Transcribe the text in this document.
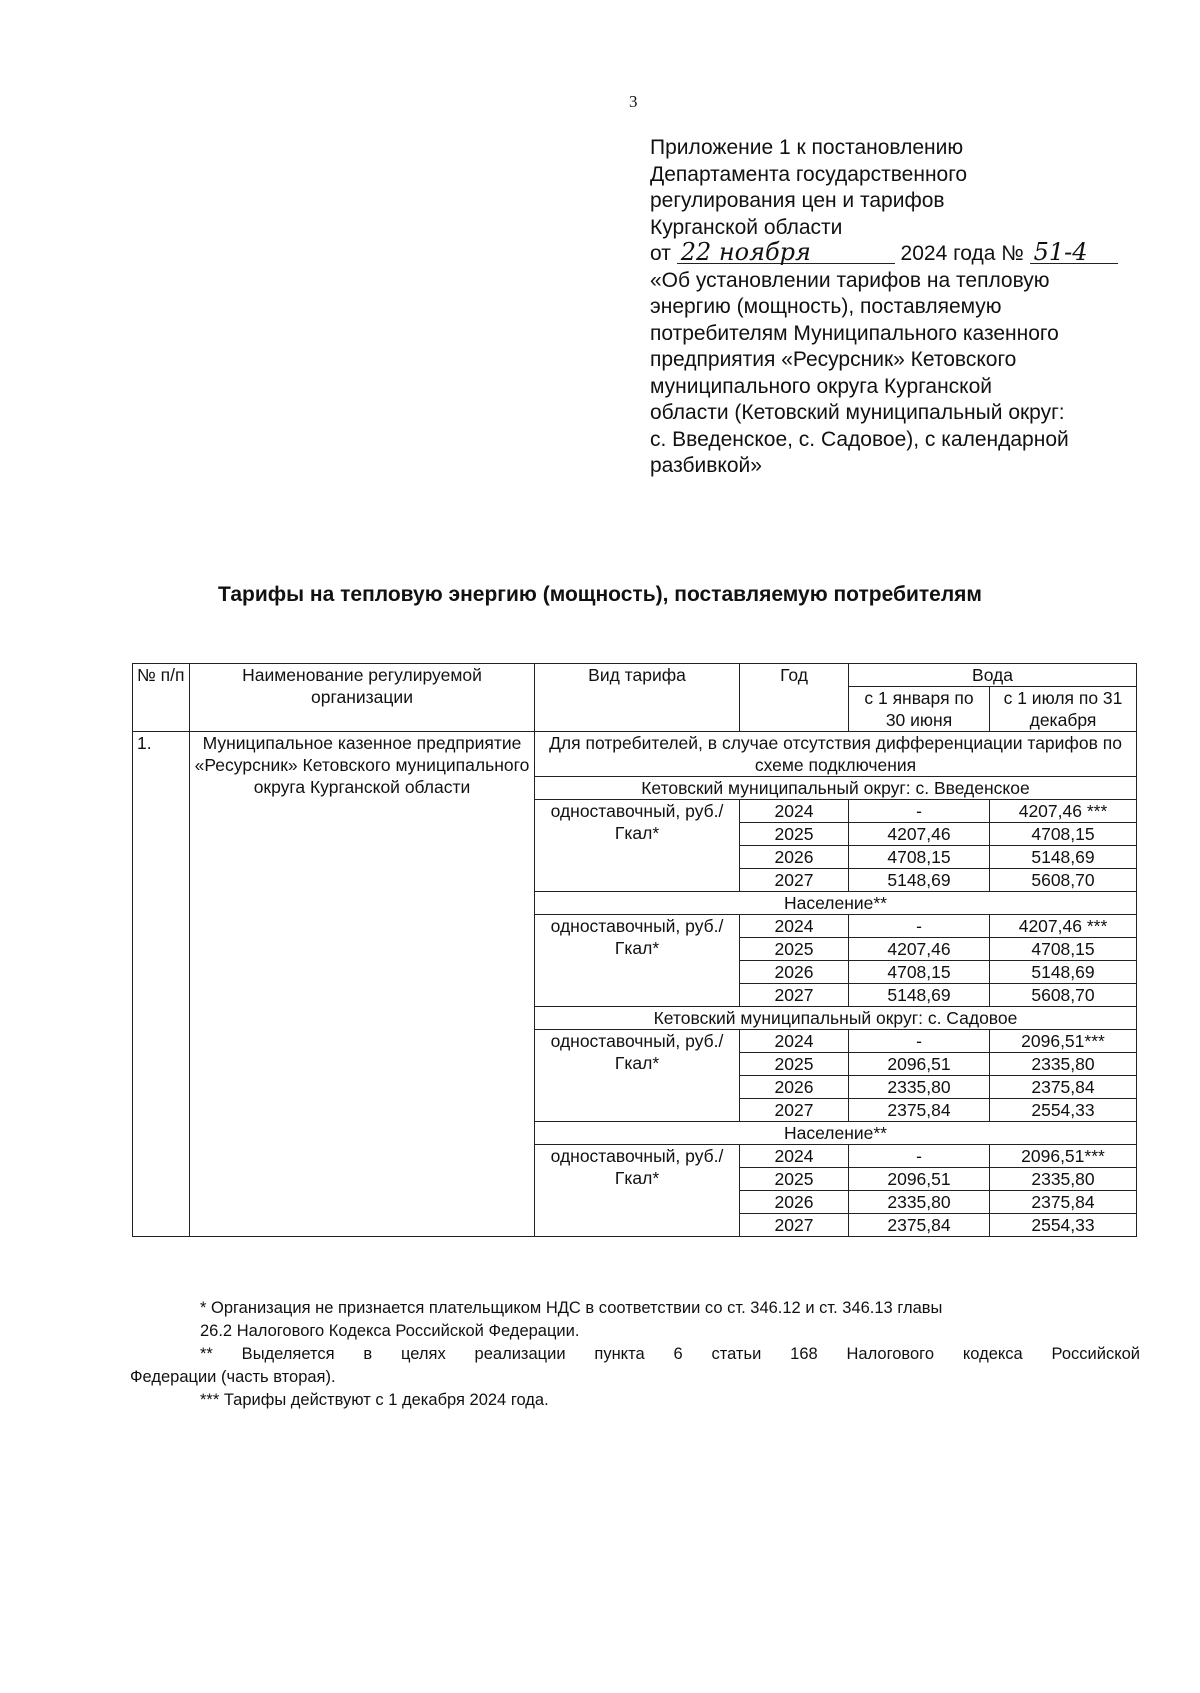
3
Приложение 1 к постановлению
Департамента государственного
регулирования цен и тарифов
Курганской области
от 22 ноября	2024 года № 51-4
«Об установлении тарифов на тепловую
энергию (мощность), поставляемую
потребителям Муниципального казенного
предприятия «Ресурсник» Кетовского
муниципального округа Курганской
области (Кетовский муниципальный округ:
с. Введенское, с. Садовое), с календарной
разбивкой»
Тарифы на тепловую энергию (мощность), поставляемую потребителям
№ п/п	Наименование регулируемой организации	Вид тарифа	Год	Вода	
				с 1 января по 30 июня	с 1 июля по 31 декабря
1.	Муниципальное казенное предприятие «Ресурсник» Кетовского муниципального округа Курганской области	Для потребителей, в случае отсутствия дифференциации тарифов по схеме подключения			
		Кетовский муниципальный округ: с. Введенское			
		одноставочный, руб./Гкал*	2024	-	4207,46 ***
			2025	4207,46	4708,15
			2026	4708,15	5148,69
			2027	5148,69	5608,70
		Население**			
		одноставочный, руб./Гкал*	2024	-	4207,46 ***
			2025	4207,46	4708,15
			2026	4708,15	5148,69
			2027	5148,69	5608,70
		Кетовский муниципальный округ: с. Садовое			
		одноставочный, руб./Гкал*	2024	-	2096,51***
			2025	2096,51	2335,80
			2026	2335,80	2375,84
			2027	2375,84	2554,33
		Население**			
		одноставочный, руб./Гкал*	2024	-	2096,51***
			2025	2096,51	2335,80
			2026	2335,80	2375,84
			2027	2375,84	2554,33
* Организация не признается плательщиком НДС в соответствии со ст. 346.12 и ст. 346.13 главы
26.2 Налогового Кодекса Российской Федерации.
** Выделяется в целях реализации пункта 6 статьи 168 Налогового кодекса Российской
Федерации (часть вторая).
*** Тарифы действуют с 1 декабря 2024 года.
